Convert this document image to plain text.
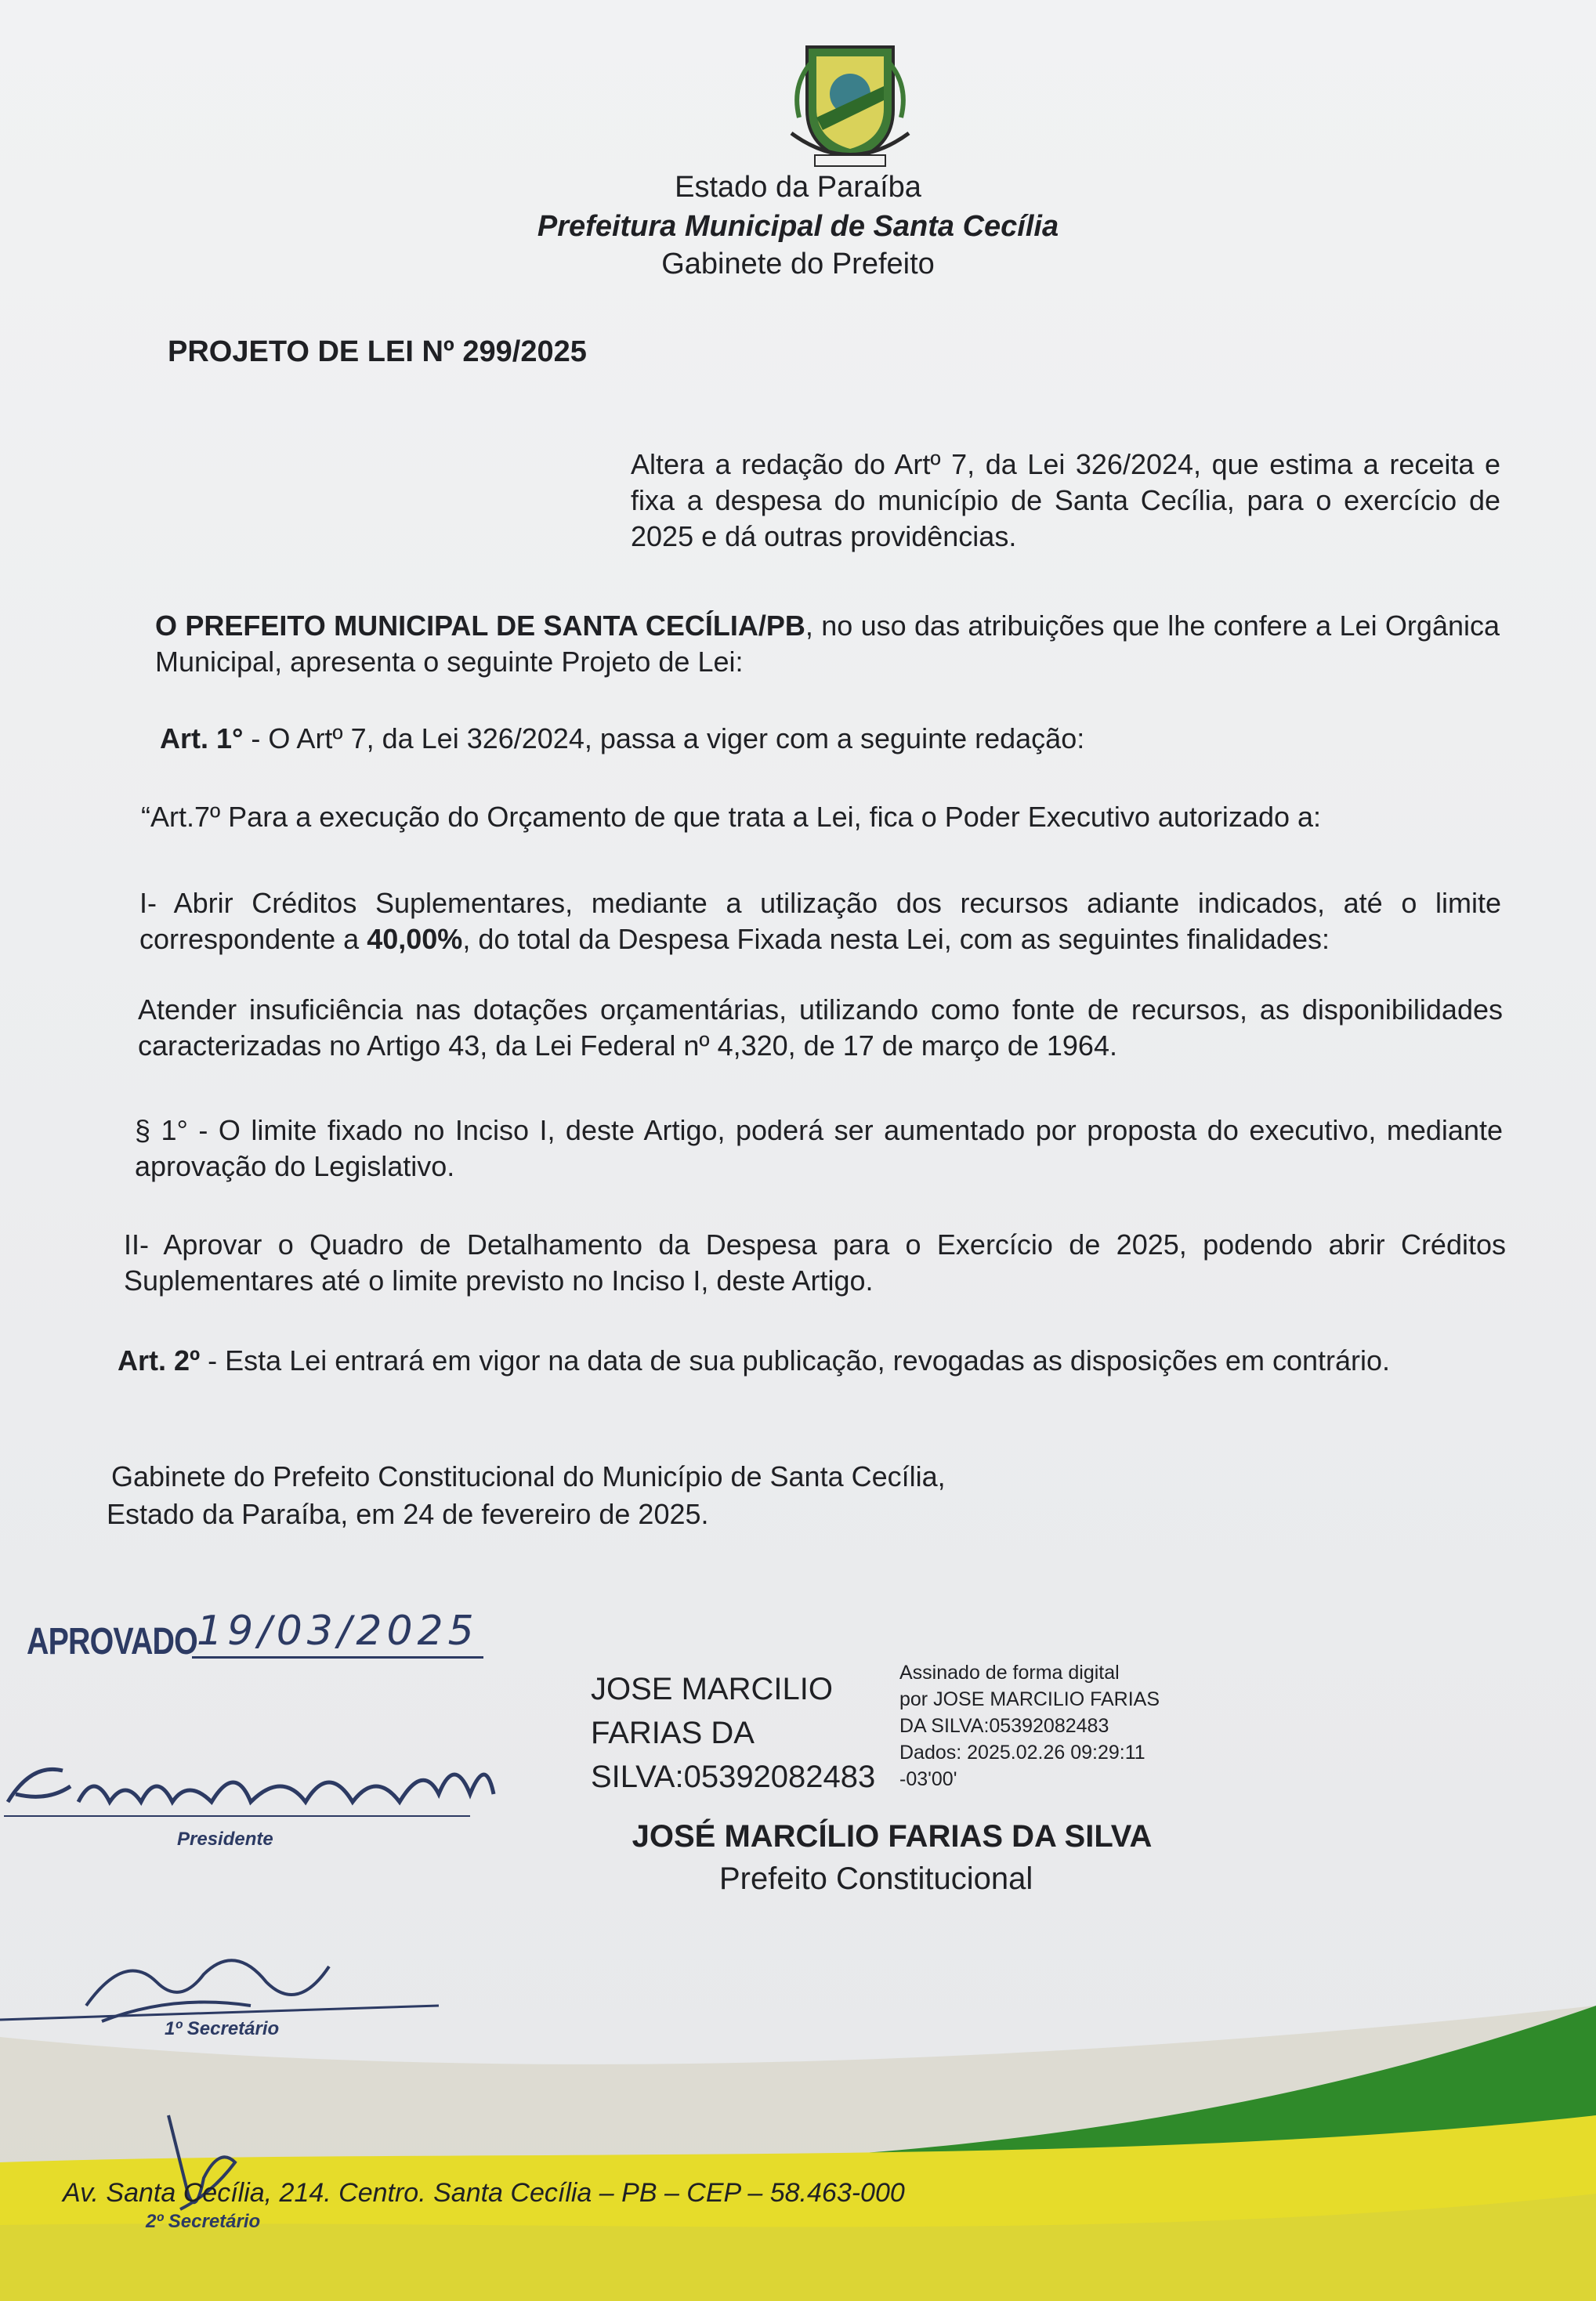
Estado da Paraíba
Prefeitura Municipal de Santa Cecília
Gabinete do Prefeito
PROJETO DE LEI Nº 299/2025
Altera a redação do Artº 7, da Lei 326/2024, que estima a receita e fixa a despesa do município de Santa Cecília, para o exercício de 2025 e dá outras providências.
O PREFEITO MUNICIPAL DE SANTA CECÍLIA/PB, no uso das atribuições que lhe confere a Lei Orgânica Municipal, apresenta o seguinte Projeto de Lei:
Art. 1° - O Artº 7, da Lei 326/2024, passa a viger com a seguinte redação:
“Art.7º Para a execução do Orçamento de que trata a Lei, fica o Poder Executivo autorizado a:
I- Abrir Créditos Suplementares, mediante a utilização dos recursos adiante indicados, até o limite correspondente a 40,00%, do total da Despesa Fixada nesta Lei, com as seguintes finalidades:
Atender insuficiência nas dotações orçamentárias, utilizando como fonte de recursos, as disponibilidades caracterizadas no Artigo 43, da Lei Federal nº 4,320, de 17 de março de 1964.
§ 1° - O limite fixado no Inciso I, deste Artigo, poderá ser aumentado por proposta do executivo, mediante aprovação do Legislativo.
II- Aprovar o Quadro de Detalhamento da Despesa para o Exercício de 2025, podendo abrir Créditos Suplementares até o limite previsto no Inciso I, deste Artigo.
Art. 2º - Esta Lei entrará em vigor na data de sua publicação, revogadas as disposições em contrário.
Gabinete do Prefeito Constitucional do Município de Santa Cecília,
Estado da Paraíba, em 24 de fevereiro de 2025.
APROVADO 19/03/2025
JOSE MARCILIO
FARIAS DA
SILVA:05392082483
Assinado de forma digital
por JOSE MARCILIO FARIAS
DA SILVA:05392082483
Dados: 2025.02.26 09:29:11
-03'00'
JOSÉ MARCÍLIO FARIAS DA SILVA
Prefeito Constitucional
Presidente
1º Secretário
2º Secretário
Av. Santa Cecília, 214. Centro. Santa Cecília – PB – CEP – 58.463-000
